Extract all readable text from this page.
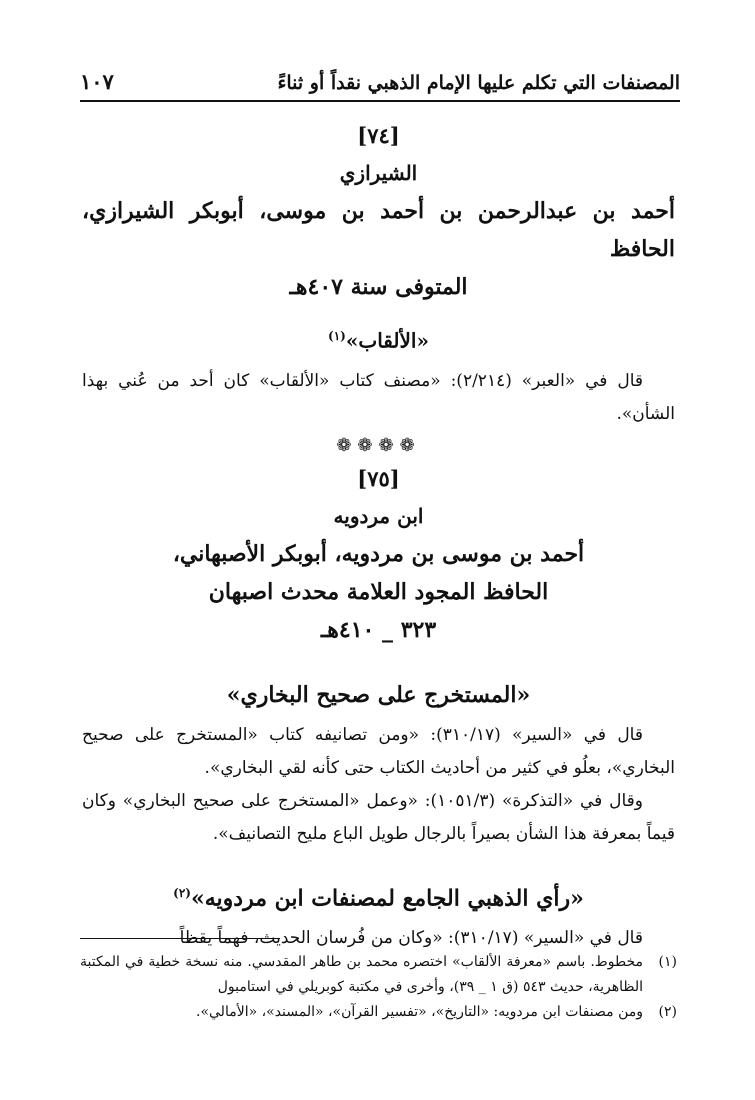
المصنفات التي تكلم عليها الإمام الذهبي نقداً أو ثناءً
١٠٧
[٧٤]
الشيرازي
أحمد بن عبدالرحمن بن أحمد بن موسى، أبوبكر الشيرازي، الحافظ
المتوفى سنة ٤٠٧هـ
«الألقاب»$^{(١)}$

قال في «العبر» (٢/٢١٤): «مصنف كتاب «الألقاب» كان أحد من عُني بهذا الشأن».

❁❁❁❁
[٧٥]
ابن مردويه
أحمد بن موسى بن مردويه، أبوبكر الأصبهاني،
الحافظ المجود العلامة محدث اصبهان
٣٢٣ _ ٤١٠هـ
«المستخرج على صحيح البخاري»

قال في «السير» (٣١٠/١٧): «ومن تصانيفه كتاب «المستخرج على صحيح البخاري»، بعلُو في كثير من أحاديث الكتاب حتى كأنه لقي البخاري».

وقال في «التذكرة» (١٠٥١/٣): «وعمل «المستخرج على صحيح البخاري» وكان قيماً بمعرفة هذا الشأن بصيراً بالرجال طويل الباع مليح التصانيف».

«رأي الذهبي الجامع لمصنفات ابن مردويه»$^{(٢)}$

قال في «السير» (٣١٠/١٧): «وكان من فُرسان الحديث، فهماً يقظاً

(١)
مخطوط. باسم «معرفة الألقاب» اختصره محمد بن طاهر المقدسي. منه نسخة خطية في المكتبة الظاهرية، حديث ٥٤٣ (ق ١ _ ٣٩)، وأخرى في مكتبة كوبريلي في استامبول
(٢)
ومن مصنفات ابن مردويه: «التاريخ»، «تفسير القرآن»، «المسند»، «الأمالي».
